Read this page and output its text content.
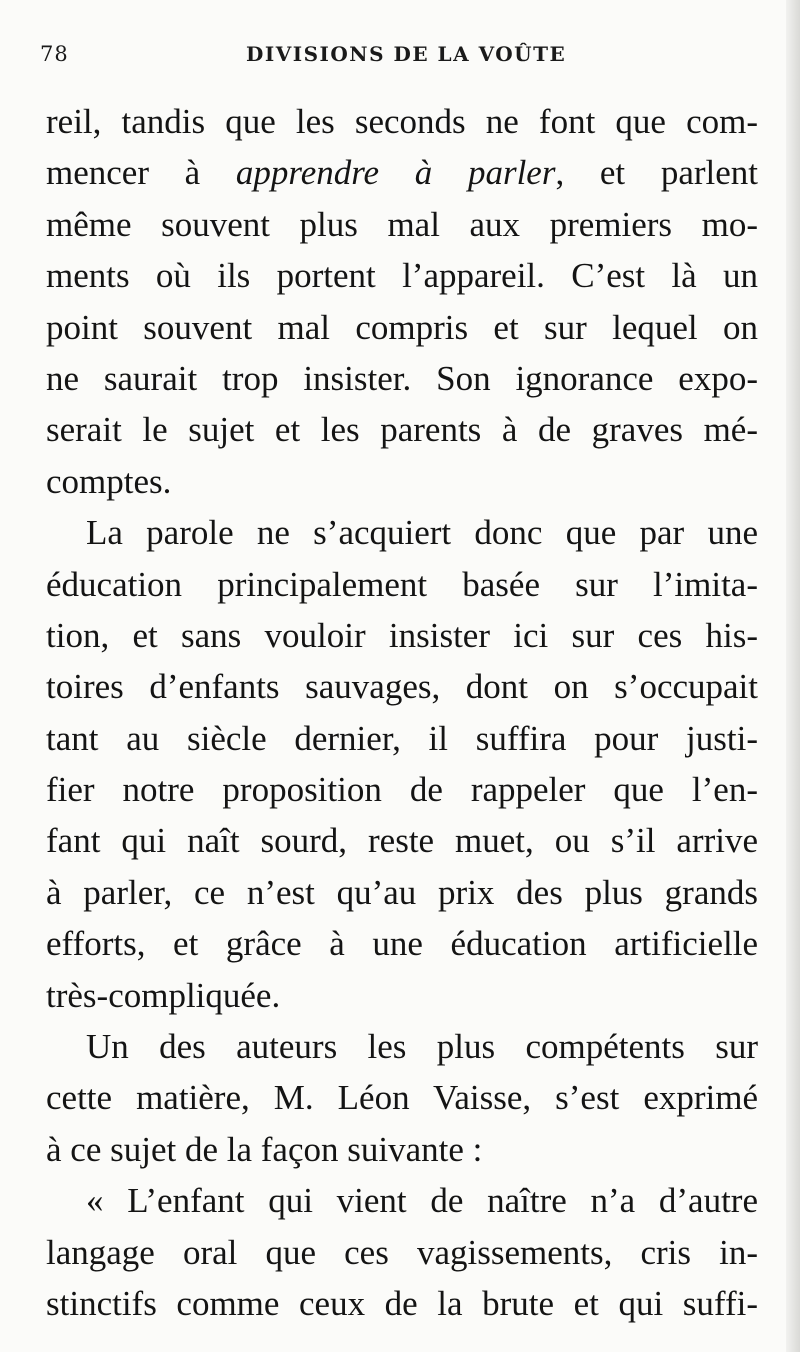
78	DIVISIONS DE LA VOÛTE
reil, tandis que les seconds ne font que com-
mencer à apprendre à parler, et parlent
même souvent plus mal aux premiers mo-
ments où ils portent l’appareil. C’est là un
point souvent mal compris et sur lequel on
ne saurait trop insister. Son ignorance expo-
serait le sujet et les parents à de graves mé-
comptes.
La parole ne s’acquiert donc que par une
éducation principalement basée sur l’imita-
tion, et sans vouloir insister ici sur ces his-
toires d’enfants sauvages, dont on s’occupait
tant au siècle dernier, il suffira pour justi-
fier notre proposition de rappeler que l’en-
fant qui naît sourd, reste muet, ou s’il arrive
à parler, ce n’est qu’au prix des plus grands
efforts, et grâce à une éducation artificielle
très-compliquée.
Un des auteurs les plus compétents sur
cette matière, M. Léon Vaisse, s’est exprimé
à ce sujet de la façon suivante :
« L’enfant qui vient de naître n’a d’autre
langage oral que ces vagissements, cris in-
stinctifs comme ceux de la brute et qui suffi-
